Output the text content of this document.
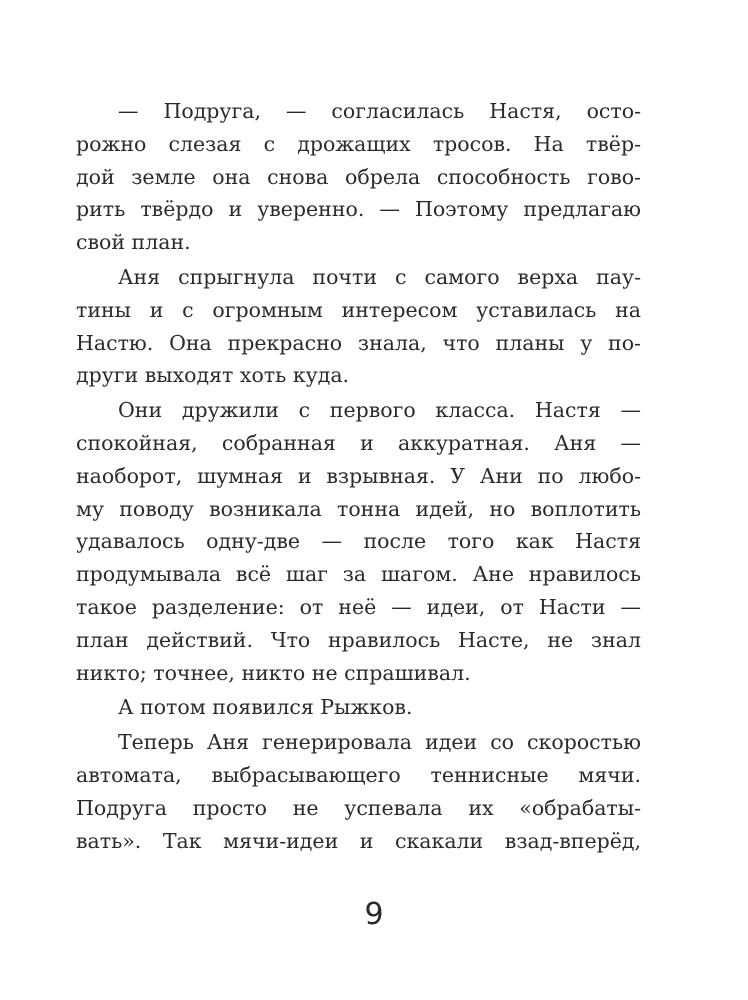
— Подруга, — согласилась Настя, осто-
рожно слезая с дрожащих тросов. На твёр-
дой земле она снова обрела способность гово-
рить твёрдо и уверенно. — Поэтому предлагаю
свой план.
Аня спрыгнула почти с самого верха пау-
тины и с огромным интересом уставилась на
Настю. Она прекрасно знала, что планы у по-
други выходят хоть куда.
Они дружили с первого класса. Настя —
спокойная, собранная и аккуратная. Аня —
наоборот, шумная и взрывная. У Ани по любо-
му поводу возникала тонна идей, но воплотить
удавалось одну-две — после того как Настя
продумывала всё шаг за шагом. Ане нравилось
такое разделение: от неё — идеи, от Насти —
план действий. Что нравилось Насте, не знал
никто; точнее, никто не спрашивал.
А потом появился Рыжков.
Теперь Аня генерировала идеи со скоростью
автомата, выбрасывающего теннисные мячи.
Подруга просто не успевала их «обрабаты-
вать». Так мячи-идеи и скакали взад-вперёд,
9
